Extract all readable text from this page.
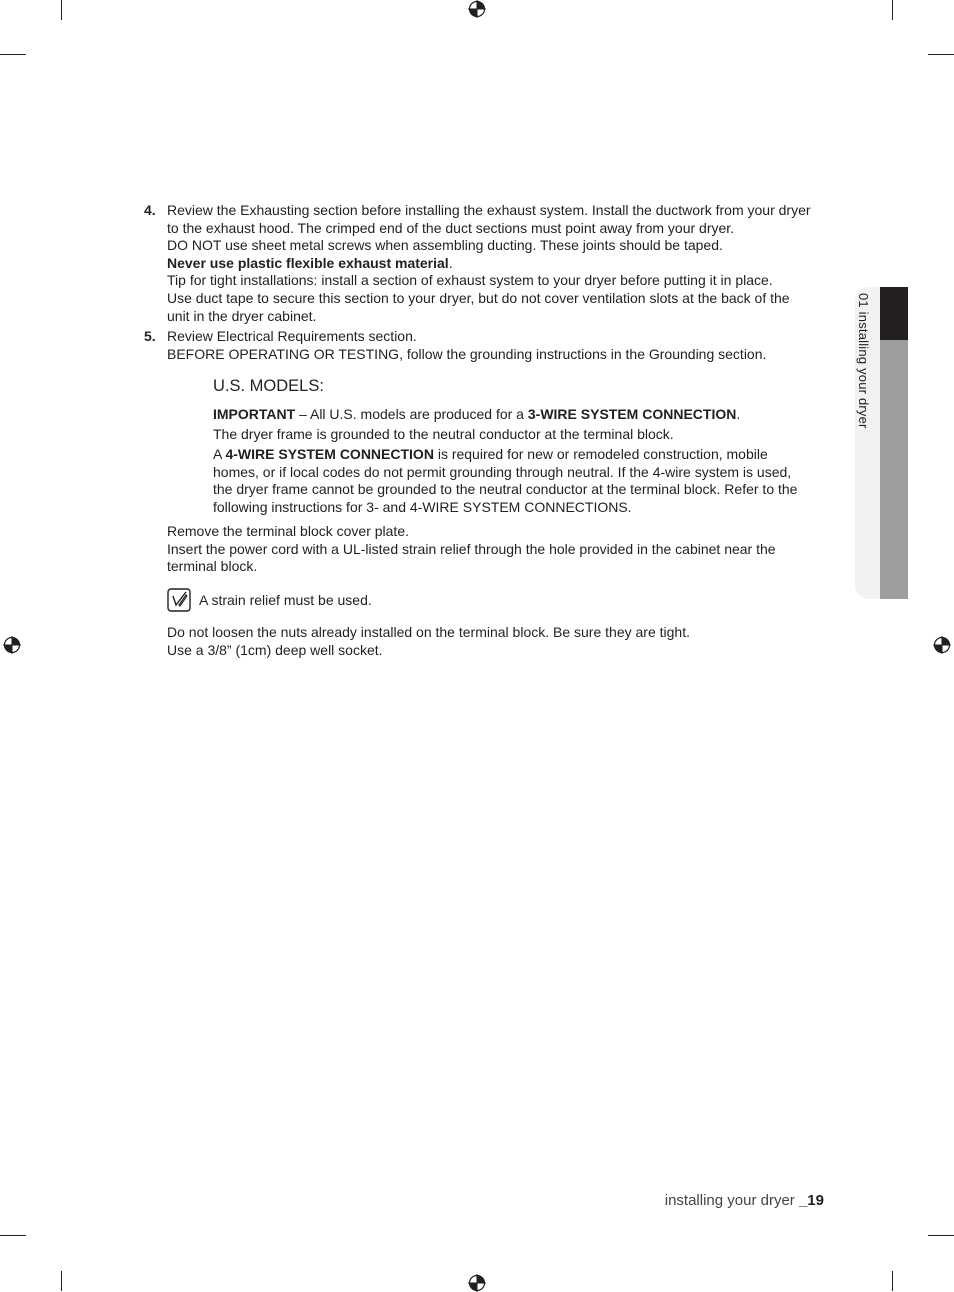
4. Review the Exhausting section before installing the exhaust system. Install the ductwork from your dryer
to the exhaust hood. The crimped end of the duct sections must point away from your dryer.
DO NOT use sheet metal screws when assembling ducting. These joints should be taped.
Never use plastic flexible exhaust material.
Tip for tight installations: install a section of exhaust system to your dryer before putting it in place.
Use duct tape to secure this section to your dryer, but do not cover ventilation slots at the back of the
unit in the dryer cabinet.
5. Review Electrical Requirements section.
BEFORE OPERATING OR TESTING, follow the grounding instructions in the Grounding section.
U.S. MODELS:
IMPORTANT – All U.S. models are produced for a 3-WIRE SYSTEM CONNECTION.
The dryer frame is grounded to the neutral conductor at the terminal block.
A 4-WIRE SYSTEM CONNECTION is required for new or remodeled construction, mobile
homes, or if local codes do not permit grounding through neutral. If the 4-wire system is used,
the dryer frame cannot be grounded to the neutral conductor at the terminal block. Refer to the
following instructions for 3- and 4-WIRE SYSTEM CONNECTIONS.
Remove the terminal block cover plate.
Insert the power cord with a UL-listed strain relief through the hole provided in the cabinet near the
terminal block.
A strain relief must be used.
Do not loosen the nuts already installed on the terminal block. Be sure they are tight.
Use a 3/8” (1cm) deep well socket.
01 installing your dryer
installing your dryer _19
